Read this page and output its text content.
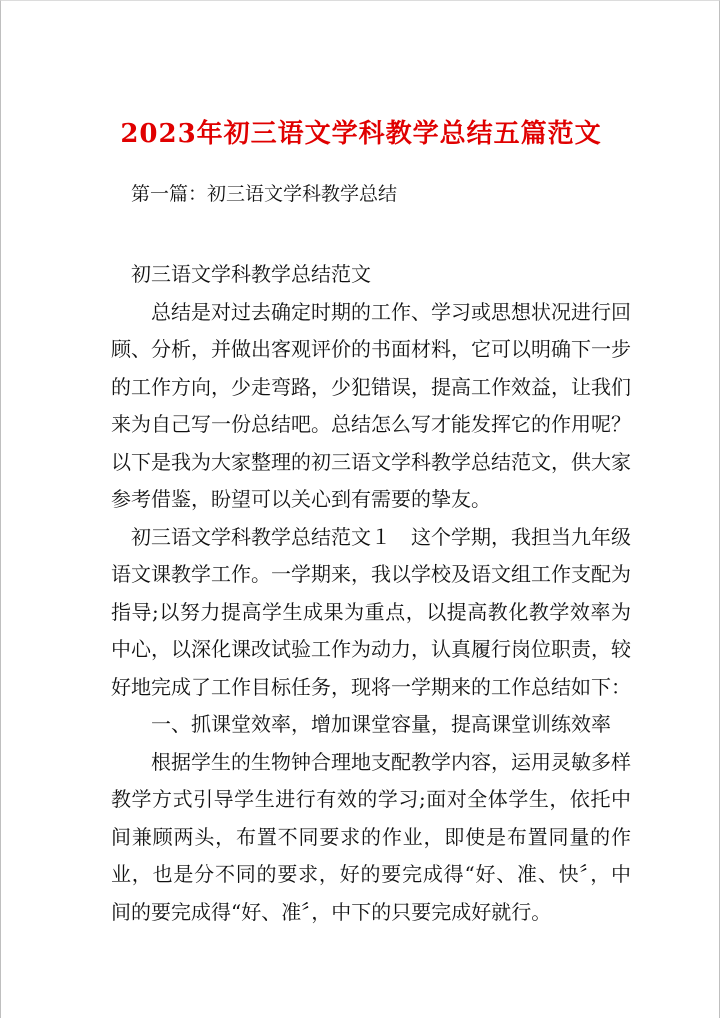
2023年初三语文学科教学总结五篇范文

第一篇：初三语文学科教学总结

初三语文学科教学总结范文

总结是对过去确定时期的工作、学习或思想状况进行回顾、分析，并做出客观评价的书面材料，它可以明确下一步的工作方向，少走弯路，少犯错误，提高工作效益，让我们来为自己写一份总结吧。总结怎么写才能发挥它的作用呢？以下是我为大家整理的初三语文学科教学总结范文，供大家参考借鉴，盼望可以关心到有需要的挚友。

初三语文学科教学总结范文１　这个学期，我担当九年级语文课教学工作。一学期来，我以学校及语文组工作支配为指导;以努力提高学生成果为重点，以提高教化教学效率为中心，以深化课改试验工作为动力，认真履行岗位职责，较好地完成了工作目标任务，现将一学期来的工作总结如下：

一、抓课堂效率，增加课堂容量，提高课堂训练效率

根据学生的生物钟合理地支配教学内容，运用灵敏多样教学方式引导学生进行有效的学习;面对全体学生，依托中间兼顾两头，布置不同要求的作业，即使是布置同量的作业，也是分不同的要求，好的要完成得“好、准、快〞，中间的要完成得“好、准〞，中下的只要完成好就行。
